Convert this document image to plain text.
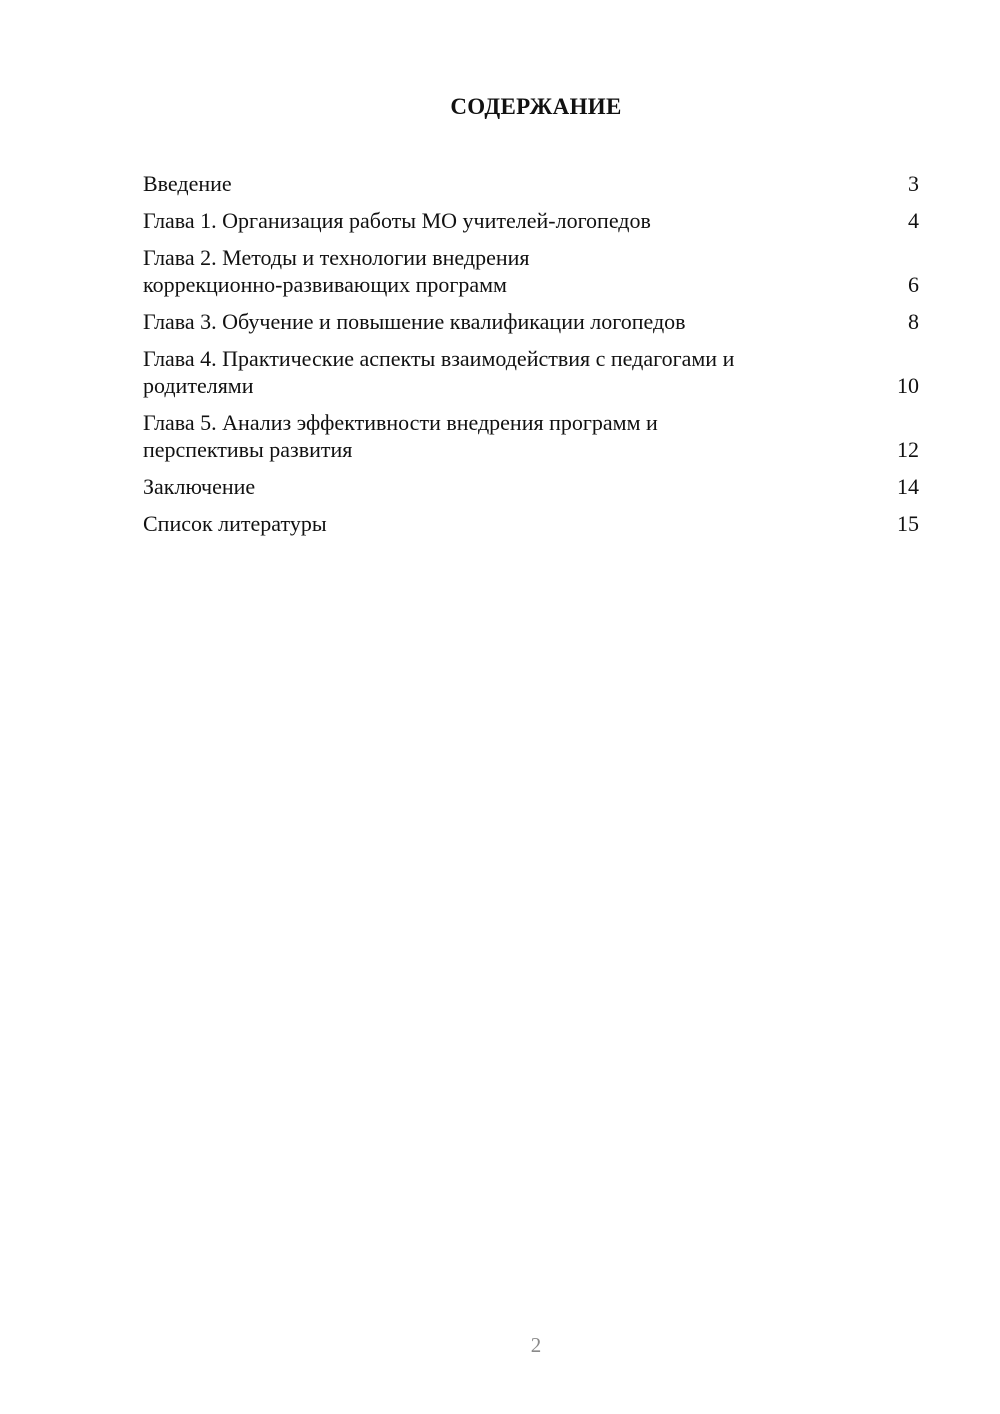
СОДЕРЖАНИЕ
Введение	3
Глава 1. Организация работы МО учителей-логопедов	4
Глава 2. Методы и технологии внедрения
коррекционно-развивающих программ	6
Глава 3. Обучение и повышение квалификации логопедов	8
Глава 4. Практические аспекты взаимодействия с педагогами и
родителями	10
Глава 5. Анализ эффективности внедрения программ и
перспективы развития	12
Заключение	14
Список литературы	15
2
